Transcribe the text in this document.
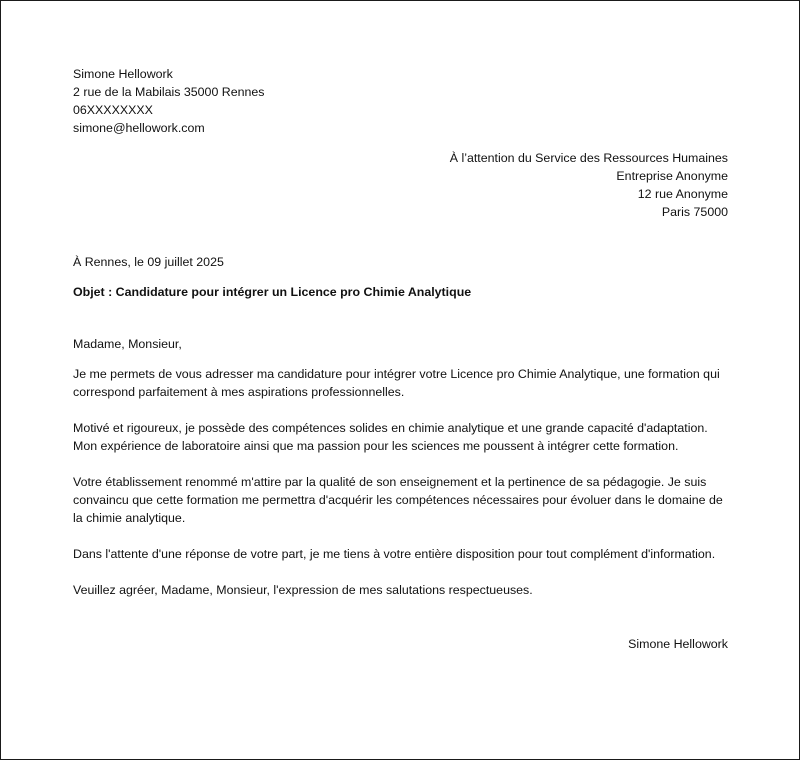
Simone Hellowork

2 rue de la Mabilais 35000 Rennes

06XXXXXXXX

simone@hellowork.com

À l’attention du Service des Ressources Humaines

Entreprise Anonyme

12 rue Anonyme

Paris 75000

À Rennes, le 09 juillet 2025

Objet : Candidature pour intégrer un Licence pro Chimie Analytique

Madame, Monsieur,

Je me permets de vous adresser ma candidature pour intégrer votre Licence pro Chimie Analytique, une formation qui correspond parfaitement à mes aspirations professionnelles.

Motivé et rigoureux, je possède des compétences solides en chimie analytique et une grande capacité d'adaptation. Mon expérience de laboratoire ainsi que ma passion pour les sciences me poussent à intégrer cette formation.

Votre établissement renommé m'attire par la qualité de son enseignement et la pertinence de sa pédagogie. Je suis convaincu que cette formation me permettra d'acquérir les compétences nécessaires pour évoluer dans le domaine de la chimie analytique.

Dans l'attente d'une réponse de votre part, je me tiens à votre entière disposition pour tout complément d'information.

Veuillez agréer, Madame, Monsieur, l'expression de mes salutations respectueuses.

Simone Hellowork
